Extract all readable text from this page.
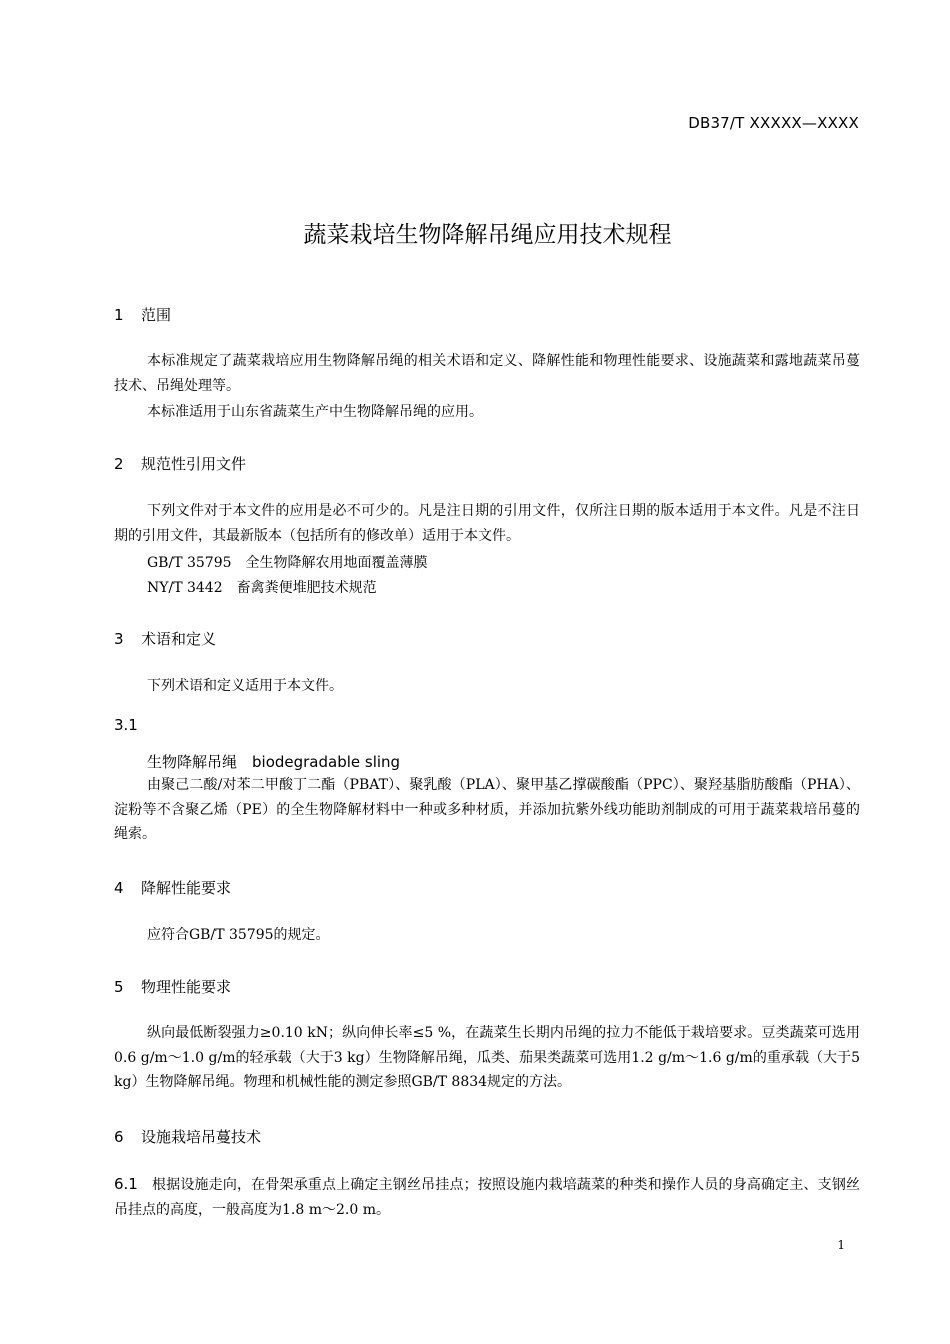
DB37/T XXXXX—XXXX
蔬菜栽培生物降解吊绳应用技术规程
1 范围
本标准规定了蔬菜栽培应用生物降解吊绳的相关术语和定义、降解性能和物理性能要求、设施蔬菜和露地蔬菜吊蔓技术、吊绳处理等。
本标准适用于山东省蔬菜生产中生物降解吊绳的应用。
2 规范性引用文件
下列文件对于本文件的应用是必不可少的。凡是注日期的引用文件，仅所注日期的版本适用于本文件。凡是不注日期的引用文件，其最新版本（包括所有的修改单）适用于本文件。
GB/T 35795　全生物降解农用地面覆盖薄膜
NY/T 3442　畜禽粪便堆肥技术规范
3 术语和定义
下列术语和定义适用于本文件。
3.1
生物降解吊绳　biodegradable sling
由聚己二酸/对苯二甲酸丁二酯（PBAT）、聚乳酸（PLA）、聚甲基乙撑碳酸酯（PPC）、聚羟基脂肪酸酯（PHA）、淀粉等不含聚乙烯（PE）的全生物降解材料中一种或多种材质，并添加抗紫外线功能助剂制成的可用于蔬菜栽培吊蔓的绳索。
4 降解性能要求
应符合GB/T 35795的规定。
5 物理性能要求
纵向最低断裂强力≥0.10 kN；纵向伸长率≤5 %，在蔬菜生长期内吊绳的拉力不能低于栽培要求。豆类蔬菜可选用0.6 g/m～1.0 g/m的轻承载（大于3 kg）生物降解吊绳，瓜类、茄果类蔬菜可选用1.2 g/m～1.6 g/m的重承载（大于5 kg）生物降解吊绳。物理和机械性能的测定参照GB/T 8834规定的方法。
6 设施栽培吊蔓技术
6.1 根据设施走向，在骨架承重点上确定主钢丝吊挂点；按照设施内栽培蔬菜的种类和操作人员的身高确定主、支钢丝吊挂点的高度，一般高度为1.8 m～2.0 m。
1
